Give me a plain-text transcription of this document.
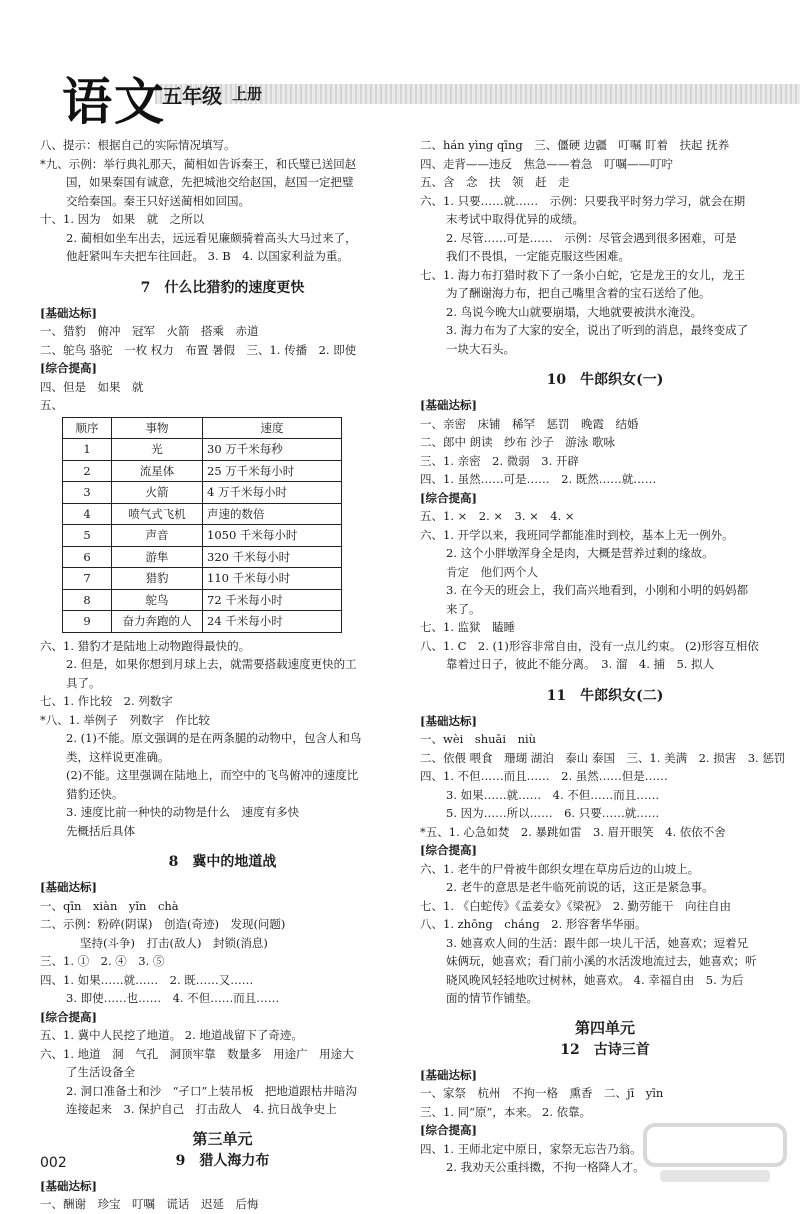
语文
五年级 上册

八、提示：根据自己的实际情况填写。

*九、示例：举行典礼那天，蔺相如告诉秦王，和氏璧已送回赵

国，如果秦国有诚意，先把城池交给赵国，赵国一定把璧

交给秦国。秦王只好送蔺相如回国。

十、1. 因为　如果　就　之所以

2. 蔺相如坐车出去，远远看见廉颇骑着高头大马过来了，

他赶紧叫车夫把车往回赶。 3. B　4. 以国家利益为重。

7　什么比猎豹的速度更快

[基础达标]

一、猎豹　俯冲　冠军　火箭　搭乘　赤道

二、鸵鸟 骆驼　一枚 权力　布置 暑假　三、1. 传播　2. 即使

[综合提高]

四、但是　如果　就

五、

顺序	事物	速度
1	光	30 万千米每秒
2	流星体	25 万千米每小时
3	火箭	4 万千米每小时
4	喷气式飞机	声速的数倍
5	声音	1050 千米每小时
6	游隼	320 千米每小时
7	猎豹	110 千米每小时
8	鸵鸟	72 千米每小时
9	奋力奔跑的人	24 千米每小时

六、1. 猎豹才是陆地上动物跑得最快的。

2. 但是，如果你想到月球上去，就需要搭载速度更快的工

具了。

七、1. 作比较　2. 列数字

*八、1. 举例子　列数字　作比较

2. (1)不能。原文强调的是在两条腿的动物中，包含人和鸟

类，这样说更准确。

(2)不能。这里强调在陆地上，而空中的飞鸟俯冲的速度比

猎豹还快。

3. 速度比前一种快的动物是什么　速度有多快

先概括后具体

8　冀中的地道战

[基础达标]

一、qīn　xiàn　yǐn　chà

二、示例：粉碎(阴谋)　创造(奇迹)　发现(问题)

坚持(斗争)　打击(敌人)　封锁(消息)

三、1. ①　2. ④　3. ⑤

四、1. 如果……就……　2. 既……又……

3. 即使……也……　4. 不但……而且……

[综合提高]

五、1. 冀中人民挖了地道。 2. 地道战留下了奇迹。

六、1. 地道　洞　气孔　洞顶牢靠　数量多　用途广　用途大

了生活设备全

2. 洞口准备土和沙　“孑口”上装吊板　把地道跟枯井暗沟

连接起来　3. 保护自己　打击敌人　4. 抗日战争史上

第三单元
9　猎人海力布

[基础达标]

一、酬谢　珍宝　叮嘱　谎话　迟延　后悔

二、hán yìng qīng　三、僵硬 边疆　叮嘱 盯着　扶起 抚养

四、走背——违反　焦急——着急　叮嘱——叮咛

五、含　念　扶　领　赶　走

六、1. 只要……就……　示例：只要我平时努力学习，就会在期

末考试中取得优异的成绩。

2. 尽管……可是……　示例：尽管会遇到很多困难，可是

我们不畏惧，一定能克服这些困难。

七、1. 海力布打猎时救下了一条小白蛇，它是龙王的女儿，龙王

为了酬谢海力布，把自己嘴里含着的宝石送给了他。

2. 鸟说今晚大山就要崩塌，大地就要被洪水淹没。

3. 海力布为了大家的安全，说出了听到的消息，最终变成了

一块大石头。

10　牛郎织女(一)

[基础达标]

一、亲密　床铺　稀罕　惩罚　晚霞　结婚

二、郎中 朗读　纱布 沙子　游泳 歌咏

三、1. 亲密　2. 微弱　3. 开辟

四、1. 虽然……可是……　2. 既然……就……

[综合提高]

五、1. ×　2. ×　3. ×　4. ×

六、1. 开学以来，我班同学都能准时到校，基本上无一例外。

2. 这个小胖墩浑身全是肉，大概是营养过剩的缘故。

肯定　他们两个人

3. 在今天的班会上，我们高兴地看到，小刚和小明的妈妈都

来了。

七、1. 监狱　瞌睡

八、1. C　2. (1)形容非常自由，没有一点儿约束。 (2)形容互相依

靠着过日子，彼此不能分离。　3. 溜　4. 捕　5. 拟人

11　牛郎织女(二)

[基础达标]

一、wèi　shuāi　niù

二、依偎 喂食　珊瑚 湖泊　泰山 泰国　三、1. 美满　2. 损害　3. 惩罚

四、1. 不但……而且……　2. 虽然……但是……

3. 如果……就……　4. 不但……而且……

5. 因为……所以……　6. 只要……就……

*五、1. 心急如焚　2. 暴跳如雷　3. 眉开眼笑　4. 依依不舍

[综合提高]

六、1. 老牛的尸骨被牛郎织女埋在草房后边的山坡上。

2. 老牛的意思是老牛临死前说的话，这正是紧急事。

七、1. 《白蛇传》《孟姜女》《梁祝》　2. 勤劳能干　向往自由

八、1. zhōng　cháng　2. 形容奢华华丽。

3. 她喜欢人间的生活：跟牛郎一块儿干活，她喜欢；逗着兄

妹俩玩，她喜欢；看门前小溪的水活泼地流过去，她喜欢；听

晓风晚风轻轻地吹过树林，她喜欢。 4. 幸福自由　5. 为后

面的情节作铺垫。

第四单元
12　古诗三首

[基础达标]

一、家祭　杭州　不拘一格　熏香　二、jī　yīn

三、1. 同“原”，本来。 2. 依靠。

[综合提高]

四、1. 王师北定中原日，家祭无忘告乃翁。

2. 我劝天公重抖擞，不拘一格降人才。

002
